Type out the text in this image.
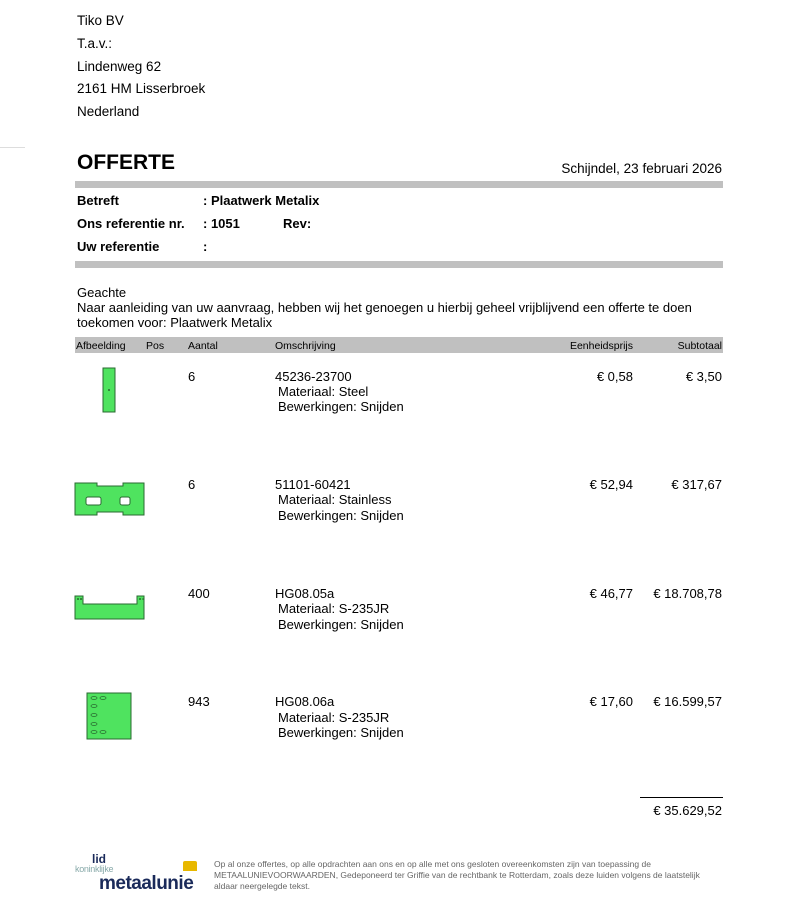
Tiko BV
T.a.v.:
Lindenweg 62
2161 HM Lisserbroek
Nederland
OFFERTE	Schijndel, 23 februari 2026
Betreft	: Plaatwerk Metalix
Ons referentie nr. : 1051	Rev:
Uw referentie	:
Geachte
Naar aanleiding van uw aanvraag, hebben wij het genoegen u hierbij geheel vrijblijvend een offerte te doen toekomen voor: Plaatwerk Metalix
Afbeelding Pos Aantal	Omschrijving	Eenheidsprijs	Subtotaal
6	45236-23700
Materiaal: Steel
Bewerkingen: Snijden
€ 0,58	€ 3,50
6	51101-60421
Materiaal: Stainless
Bewerkingen: Snijden
€ 52,94	€ 317,67
400	HG08.05a
Materiaal: S-235JR
Bewerkingen: Snijden
€ 46,77 € 18.708,78
943	HG08.06a
Materiaal: S-235JR
Bewerkingen: Snijden
€ 17,60 € 16.599,57
€ 35.629,52
lid
koninklijke
metaalunie
Op al onze offertes, op alle opdrachten aan ons en op alle met ons gesloten overeenkomsten zijn van toepassing de METAALUNIEVOORWAARDEN, Gedeponeerd ter Griffie van de rechtbank te Rotterdam, zoals deze luiden volgens de laatstelijk aldaar neergelegde tekst.
